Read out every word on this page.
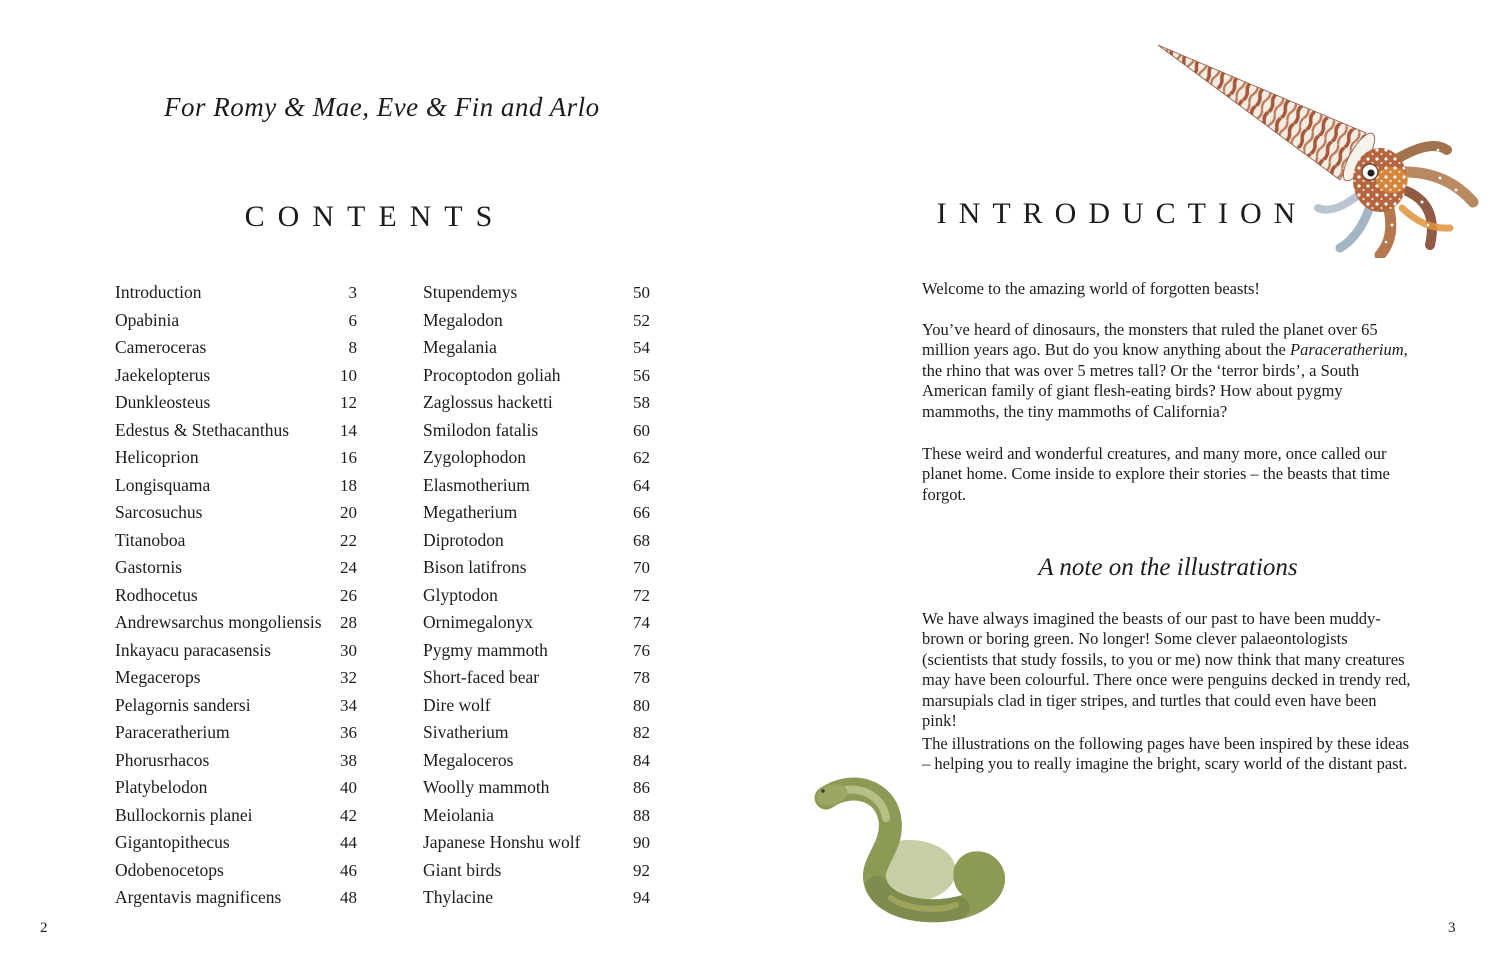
For Romy & Mae, Eve & Fin and Arlo

CONTENTS
Introduction	3
Opabinia	6
Cameroceras	8
Jaekelopterus	10
Dunkleosteus	12
Edestus & Stethacanthus	14
Helicoprion	16
Longisquama	18
Sarcosuchus	20
Titanoboa	22
Gastornis	24
Rodhocetus	26
Andrewsarchus mongoliensis 28
Inkayacu paracasensis	30
Megacerops	32
Pelagornis sandersi	34
Paraceratherium	36
Phorusrhacos	38
Platybelodon	40
Bullockornis planei	42
Gigantopithecus	44
Odobenocetops	46
Argentavis magnificens	48
Stupendemys	50
Megalodon	52
Megalania	54
Procoptodon goliah	56
Zaglossus hacketti	58
Smilodon fatalis	60
Zygolophodon	62
Elasmotherium	64
Megatherium	66
Diprotodon	68
Bison latifrons	70
Glyptodon	72
Ornimegalonyx	74
Pygmy mammoth	76
Short-faced bear	78
Dire wolf	80
Sivatherium	82
Megaloceros	84
Woolly mammoth	86
Meiolania	88
Japanese Honshu wolf	90
Giant birds	92
Thylacine	94
2
INTRODUCTION

Welcome to the amazing world of forgotten beasts!

You’ve heard of dinosaurs, the monsters that ruled the planet over 65 million years ago. But do you know anything about the Paraceratherium, the rhino that was over 5 metres tall? Or the ‘terror birds’, a South American family of giant flesh-eating birds? How about pygmy mammoths, the tiny mammoths of California?

These weird and wonderful creatures, and many more, once called our planet home. Come inside to explore their stories – the beasts that time forgot.

A note on the illustrations

We have always imagined the beasts of our past to have been muddy-brown or boring green. No longer! Some clever palaeontologists (scientists that study fossils, to you or me) now think that many creatures may have been colourful. There once were penguins decked in trendy red, marsupials clad in tiger stripes, and turtles that could even have been pink!

The illustrations on the following pages have been inspired by these ideas – helping you to really imagine the bright, scary world of the distant past.

3
